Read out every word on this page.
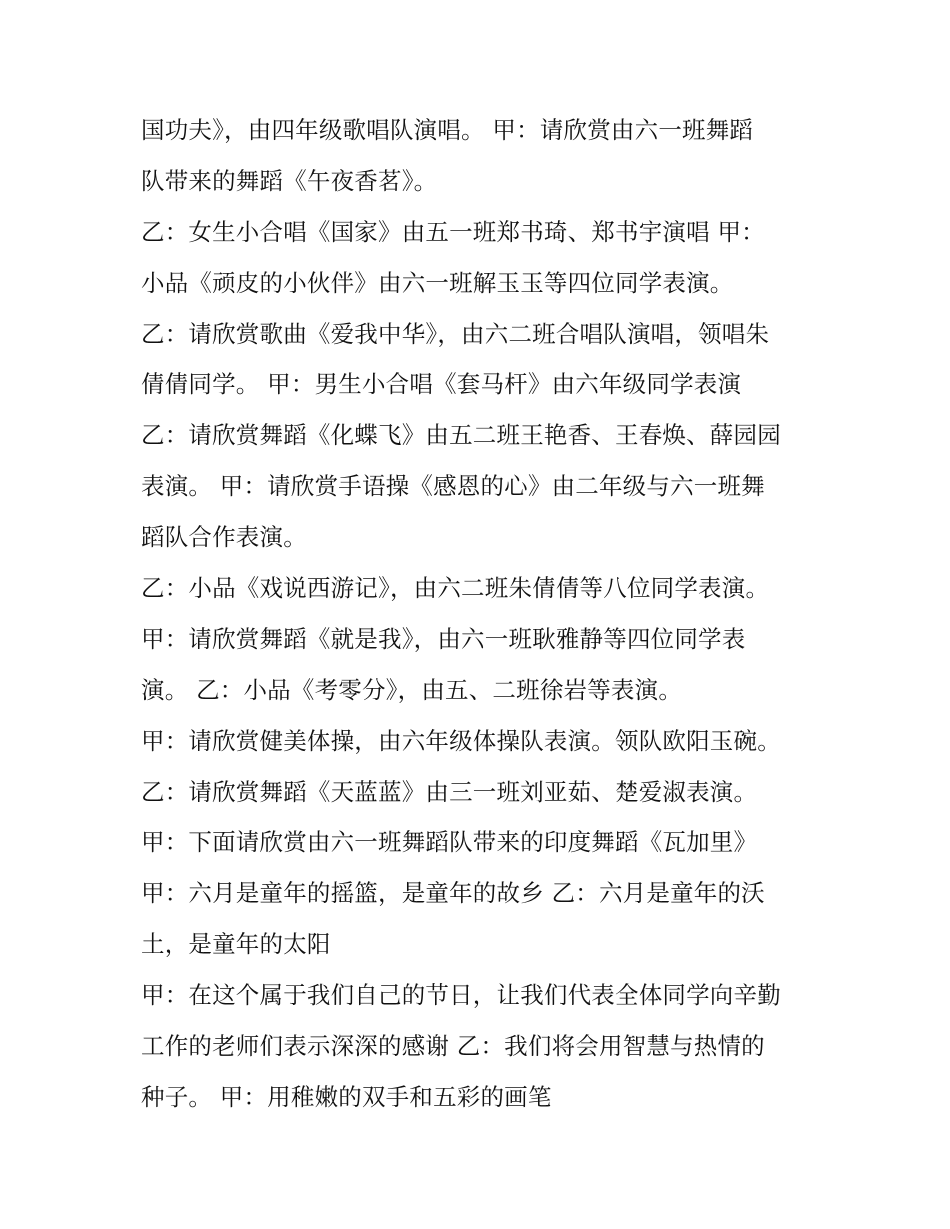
国功夫》，由四年级歌唱队演唱。 甲：请欣赏由六一班舞蹈
队带来的舞蹈《午夜香茗》。
乙：女生小合唱《国家》由五一班郑书琦、郑书宇演唱 甲：
小品《顽皮的小伙伴》由六一班解玉玉等四位同学表演。
乙：请欣赏歌曲《爱我中华》，由六二班合唱队演唱，领唱朱
倩倩同学。 甲：男生小合唱《套马杆》由六年级同学表演
乙：请欣赏舞蹈《化蝶飞》由五二班王艳香、王春焕、薛园园
表演。 甲：请欣赏手语操《感恩的心》由二年级与六一班舞
蹈队合作表演。
乙：小品《戏说西游记》，由六二班朱倩倩等八位同学表演。
甲：请欣赏舞蹈《就是我》，由六一班耿雅静等四位同学表
演。 乙：小品《考零分》，由五、二班徐岩等表演。
甲：请欣赏健美体操，由六年级体操队表演。领队欧阳玉碗。
乙：请欣赏舞蹈《天蓝蓝》由三一班刘亚茹、楚爱淑表演。
甲：下面请欣赏由六一班舞蹈队带来的印度舞蹈《瓦加里》
甲：六月是童年的摇篮，是童年的故乡 乙：六月是童年的沃
土，是童年的太阳
甲：在这个属于我们自己的节日，让我们代表全体同学向辛勤
工作的老师们表示深深的感谢 乙：我们将会用智慧与热情的
种子。 甲：用稚嫩的双手和五彩的画笔
